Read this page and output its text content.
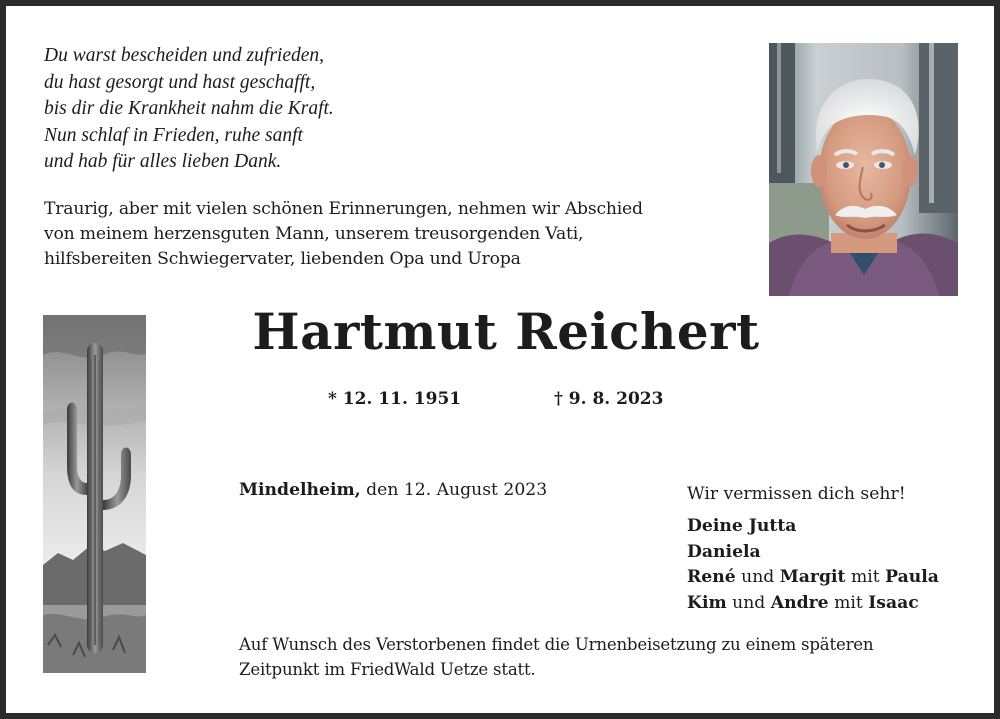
Du warst bescheiden und zufrieden,
du hast gesorgt und hast geschafft,
bis dir die Krankheit nahm die Kraft.
Nun schlaf in Frieden, ruhe sanft
und hab für alles lieben Dank.
Traurig, aber mit vielen schönen Erinnerungen, nehmen wir Abschied
von meinem herzensguten Mann, unserem treusorgenden Vati,
hilfsbereiten Schwiegervater, liebenden Opa und Uropa
Hartmut Reichert
* 12. 11. 1951	† 9. 8. 2023
Mindelheim, den 12. August 2023	Wir vermissen dich sehr!
Deine Jutta
Daniela
René und Margit mit Paula
Kim und Andre mit Isaac
Auf Wunsch des Verstorbenen findet die Urnenbeisetzung zu einem späteren
Zeitpunkt im FriedWald Uetze statt.
